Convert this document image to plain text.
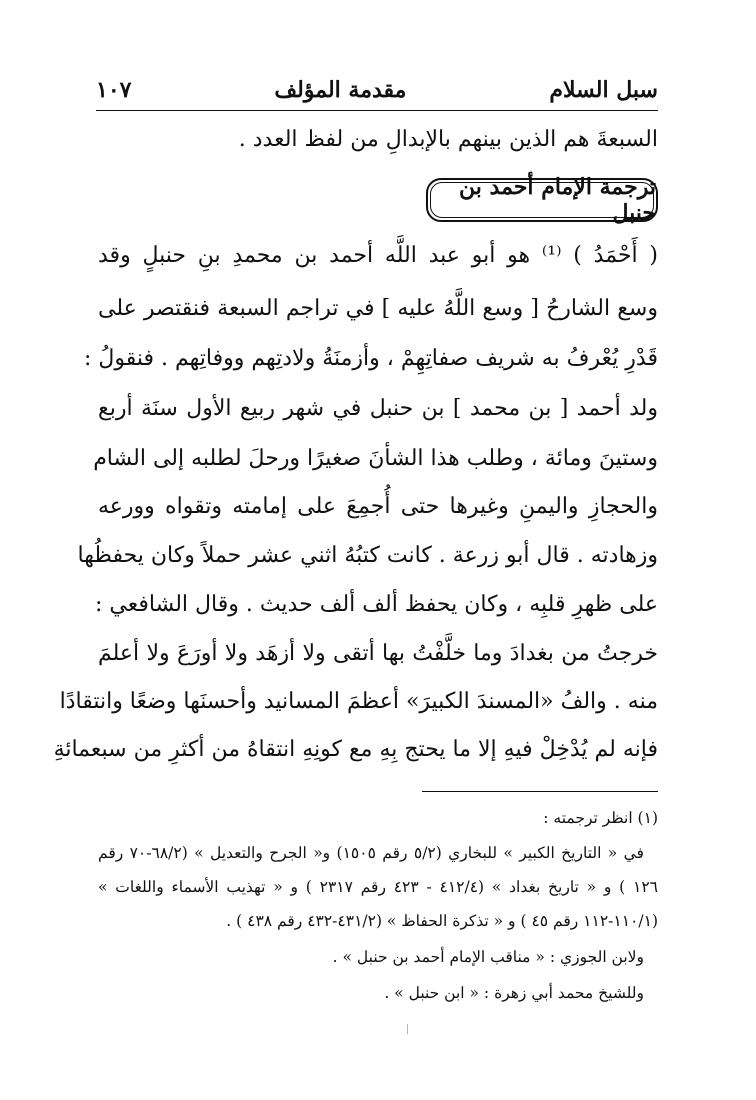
سبل السلام
مقدمة المؤلف
١٠٧
السبعةَ هم الذين بينهم بالإبدالِ من لفظ العدد .
ترجمة الإمام أحمد بن حنبل
( أَحْمَدُ ) ⁽¹⁾ هو أبو عبد اللَّه أحمد بن محمدِ بنِ حنبلٍ وقد
وسع الشارحُ [ وسع اللَّهُ عليه ] في تراجم السبعة فنقتصر على
قَدْرِ يُعْرفُ به شريف صفاتِهِمْ ، وأزمنَةُ ولادتِهم ووفاتِهم . فنقولُ :
ولد أحمد [ بن محمد ] بن حنبل في شهر ربيع الأول سنَة أربع
وستينَ ومائة ، وطلب هذا الشأنَ صغيرًا ورحلَ لطلبه إلى الشام
والحجازِ واليمنِ وغيرها حتى أُجمِعَ على إمامته وتقواه وورعه
وزهادته . قال أبو زرعة . كانت كتبُهُ اثني عشر حملاً وكان يحفظُها
على ظهرِ قلبِه ، وكان يحفظ ألف ألف حديث . وقال الشافعي :
خرجتُ من بغدادَ وما خلَّفْتُ بها أتقى ولا أزهَد ولا أورَعَ ولا أعلمَ
منه . والفُ «المسندَ الكبيرَ» أعظمَ المسانيد وأحسنَها وضعًا وانتقادًا
فإنه لم يُدْخِلْ فيهِ إلا ما يحتج بِهِ مع كونِهِ انتقاهُ من أكثرِ من سبعمائةِ
(١) انظر ترجمته :
في « التاريخ الكبير » للبخاري (٥/٢ رقم ١٥٠٥) و« الجرح والتعديل » (٦٨/٢-٧٠ رقم
١٢٦ ) و « تاريخ بغداد » (٤١٢/٤ - ٤٢٣ رقم ٢٣١٧ ) و « تهذيب الأسماء واللغات »
(١١٠/١-١١٢ رقم ٤٥ ) و « تذكرة الحفاظ » (٤٣١/٢-٤٣٢ رقم ٤٣٨ ) .
ولابن الجوزي : « مناقب الإمام أحمد بن حنبل » .
وللشيخ محمد أبي زهرة : « ابن حنبل » .
